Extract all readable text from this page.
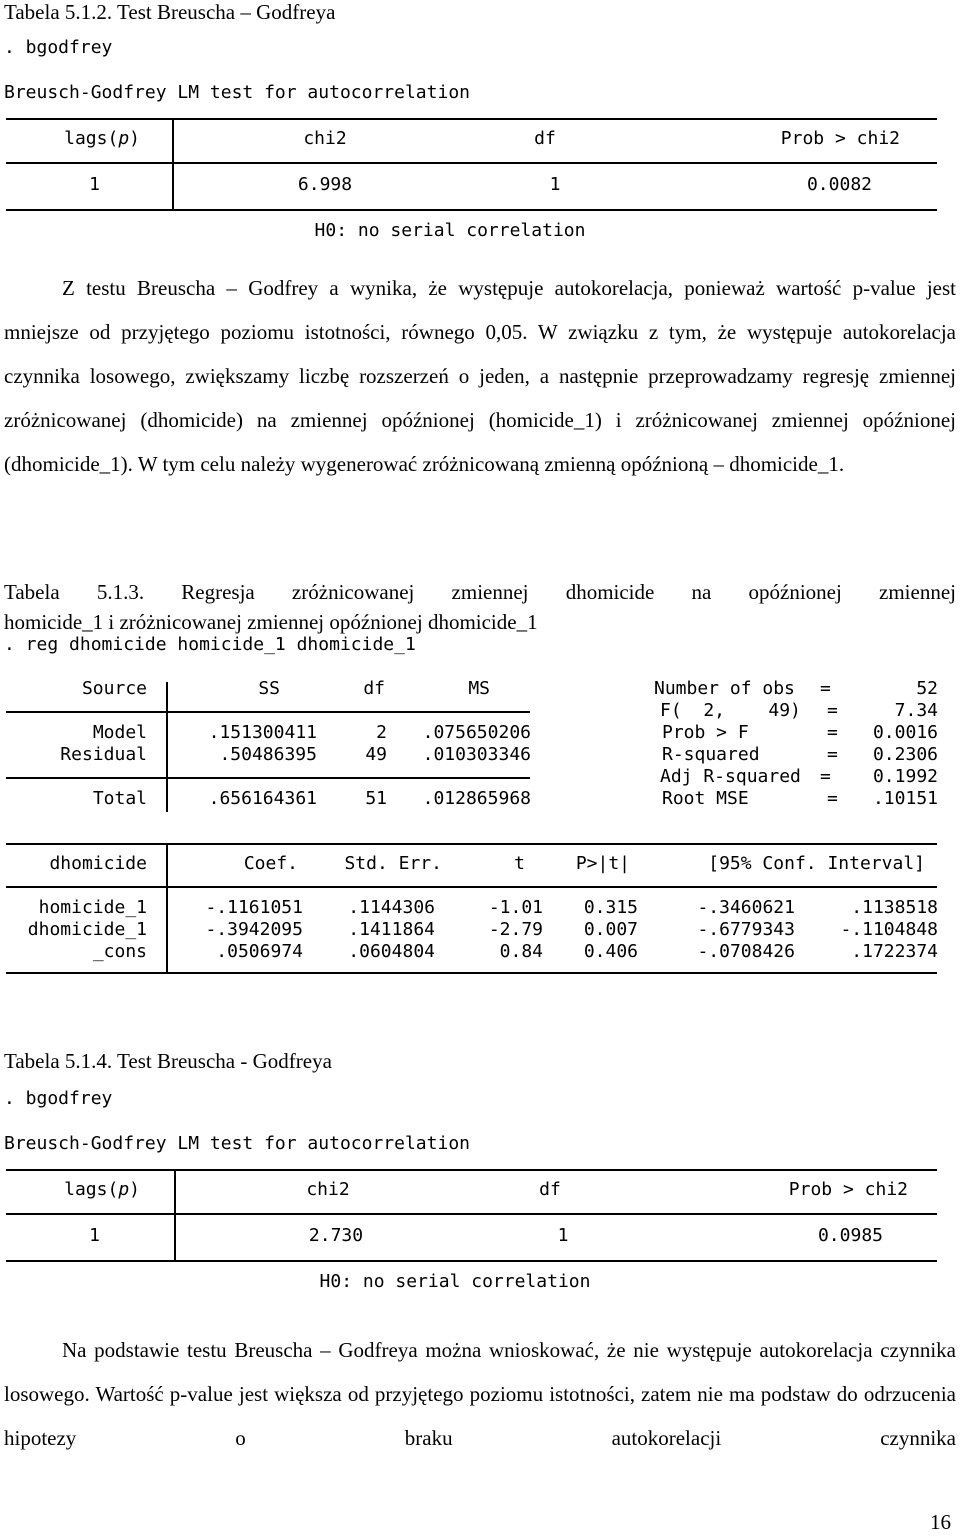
Tabela 5.1.2. Test Breuscha – Godfreya
. bgodfrey
Breusch-Godfrey LM test for autocorrelation
lags(p)	chi2	df	Prob > chi2
1	6.998	1	0.0082
H0: no serial correlation

Z testu Breuscha – Godfrey a wynika, że występuje autokorelacja, ponieważ wartość p-value jest mniejsze od przyjętego poziomu istotności, równego 0,05. W związku z tym, że występuje autokorelacja czynnika losowego, zwiększamy liczbę rozszerzeń o jeden, a następnie przeprowadzamy regresję zmiennej zróżnicowanej (dhomicide) na zmiennej opóźnionej (homicide_1) i zróżnicowanej zmiennej opóźnionej (dhomicide_1). W tym celu należy wygenerować zróżnicowaną zmienną opóźnioną – dhomicide_1.

Tabela 5.1.3. Regresja zróżnicowanej zmiennej dhomicide na opóźnionej zmiennej
homicide_1 i zróżnicowanej zmiennej opóźnionej dhomicide_1
. reg dhomicide homicide_1 dhomicide_1
Source	SS	df	MS
Model	.151300411	2	.075650206
Residual	.50486395	49	.010303346
Total	.656164361	51	.012865968
Number of obs =	52
F(  2,    49) =	7.34
Prob > F	=	0.0016
R-squared	=	0.2306
Adj R-squared =	0.1992
Root MSE	=	.10151
dhomicide	Coef.	Std. Err.	t	P>|t|	[95% Conf. Interval]
homicide_1	-.1161051	.1144306	-1.01	0.315	-.3460621	.1138518
dhomicide_1	-.3942095	.1411864	-2.79	0.007	-.6779343	-.1104848
_cons	.0506974	.0604804	0.84	0.406	-.0708426	.1722374
Tabela 5.1.4. Test Breuscha - Godfreya
. bgodfrey
Breusch-Godfrey LM test for autocorrelation
lags(p)	chi2	df	Prob > chi2
1	2.730	1	0.0985
H0: no serial correlation

Na podstawie testu Breuscha – Godfreya można wnioskować, że nie występuje autokorelacja czynnika losowego. Wartość p-value jest większa od przyjętego poziomu istotności, zatem nie ma podstaw do odrzucenia hipotezy o braku autokorelacji czynnika

16
